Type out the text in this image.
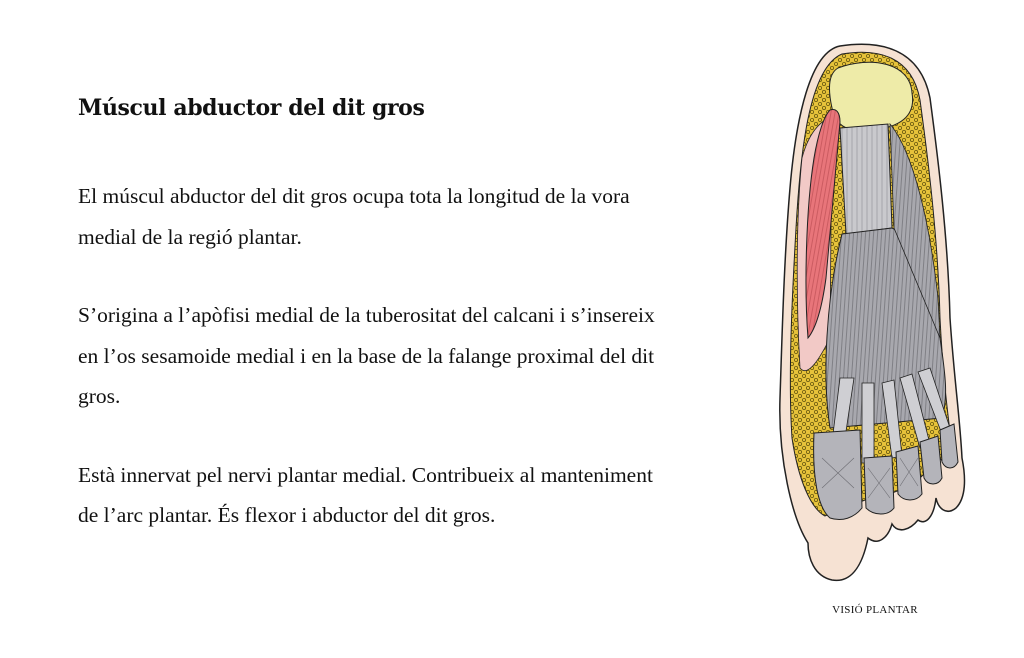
Múscul abductor del dit gros

El múscul abductor del dit gros ocupa tota la longitud de la vora medial de la regió plantar.

S’origina a l’apòfisi medial de la tuberositat del calcani i s’insereix en l’os sesamoide medial i en la base de la falange proximal del dit gros.

Està innervat pel nervi plantar medial. Contribueix al manteniment de l’arc plantar. És flexor i abductor del dit gros.

VISIÓ PLANTAR
